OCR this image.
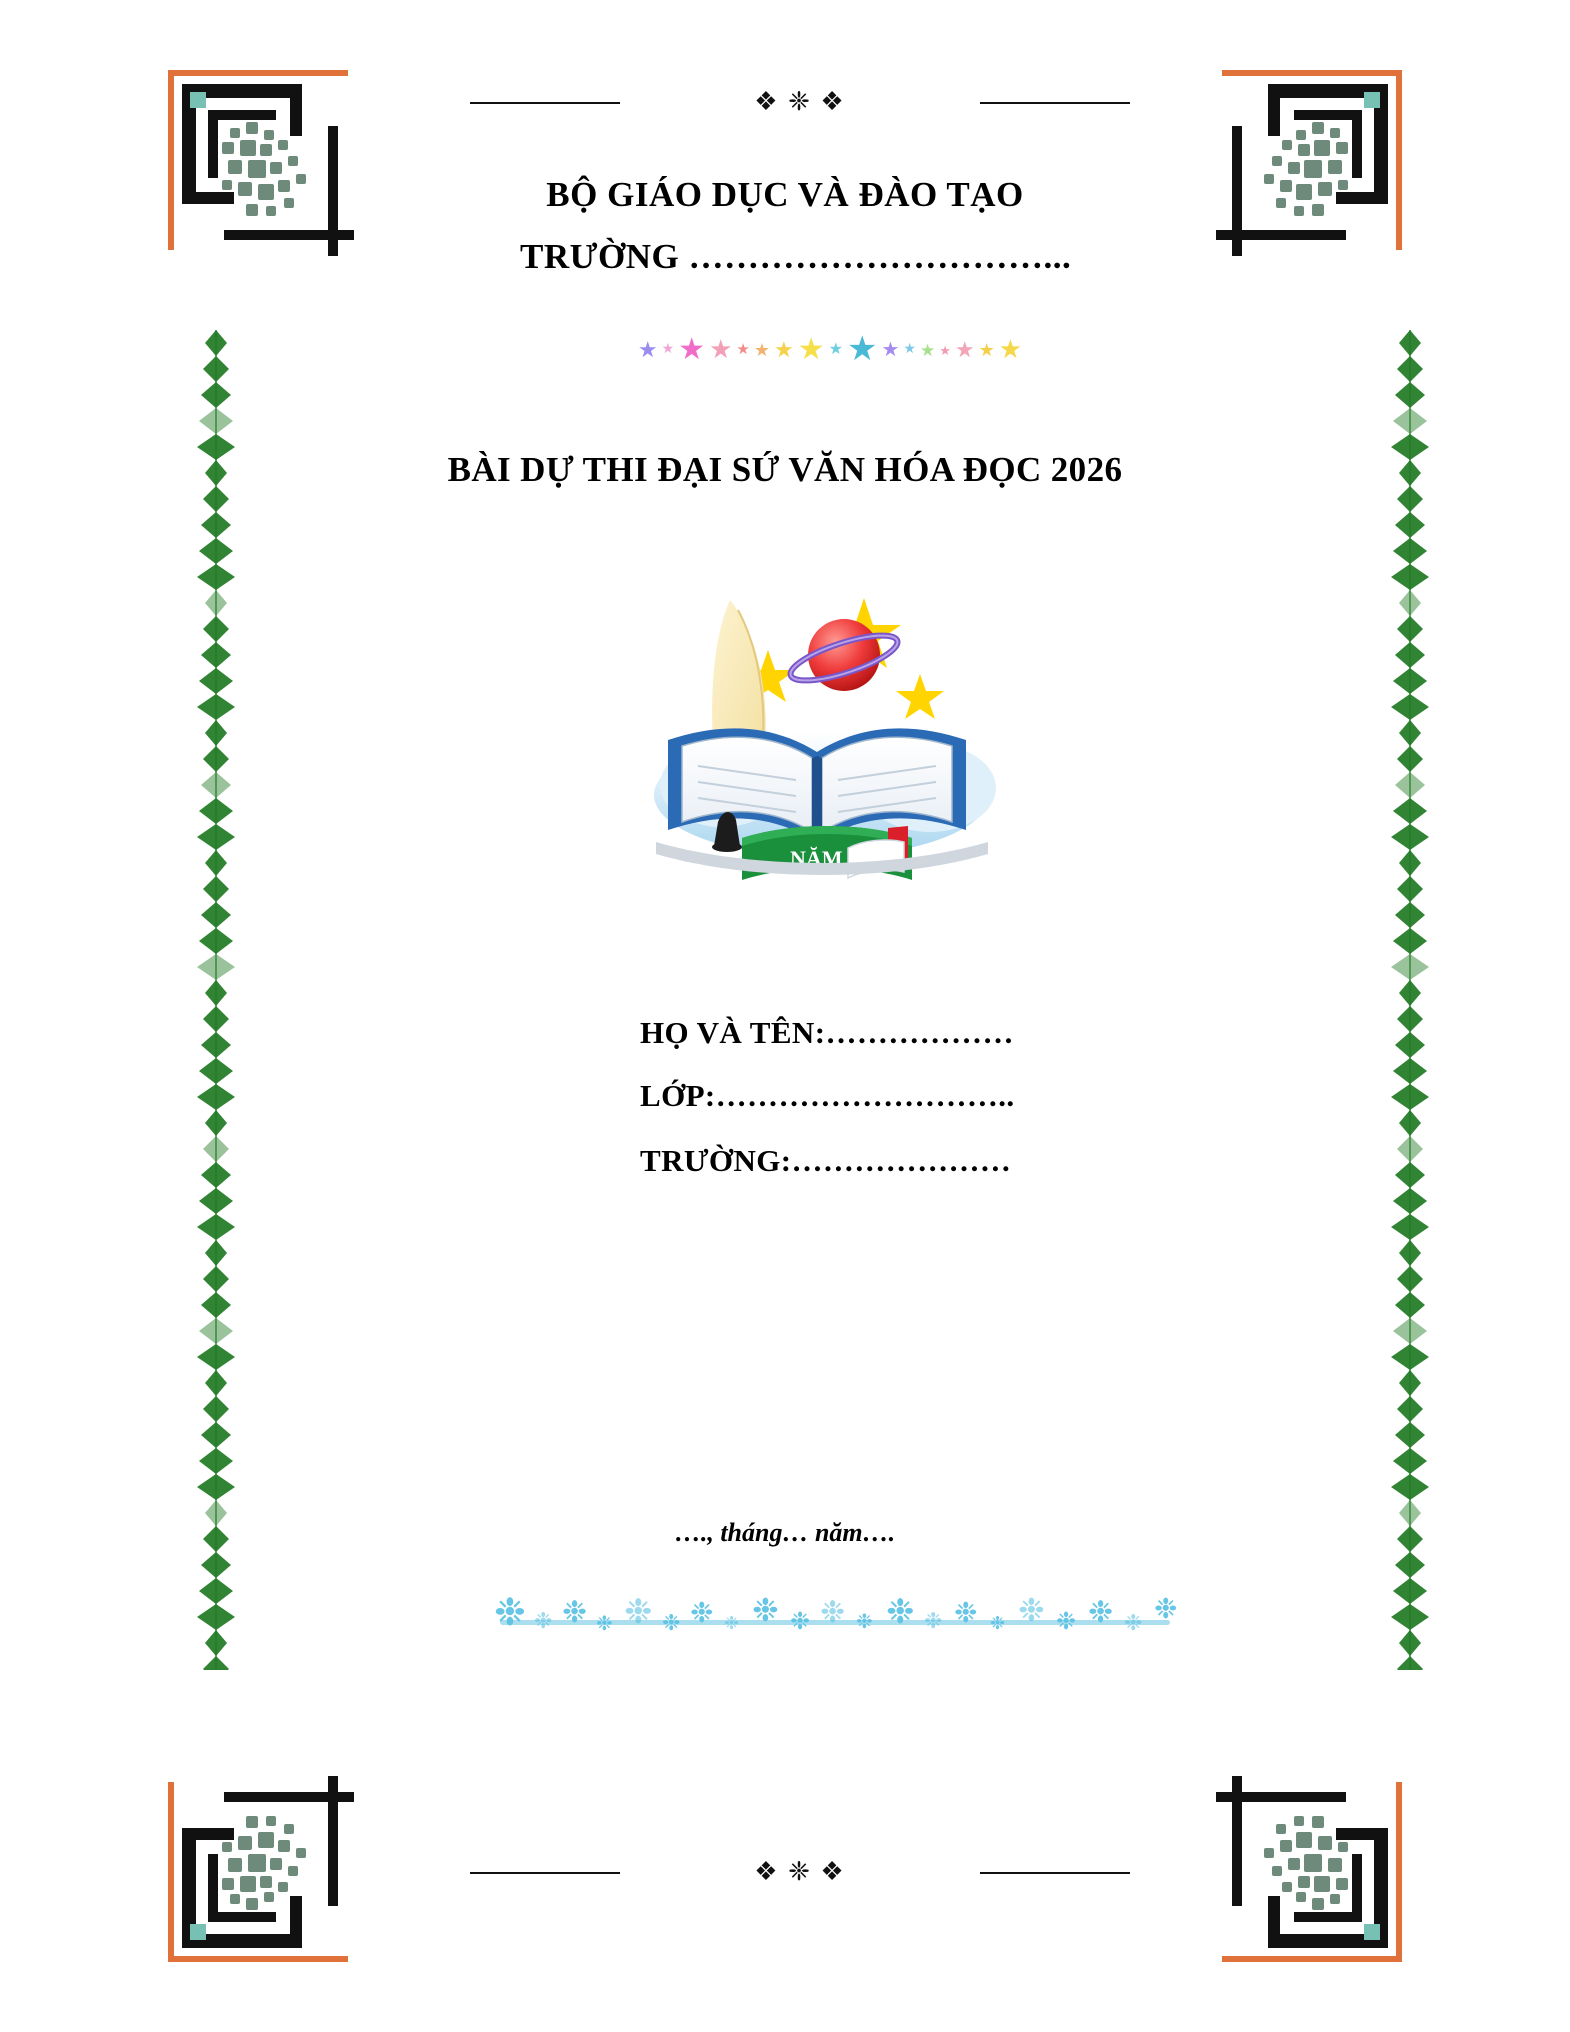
❖ ❈ ❖
BỘ GIÁO DỤC VÀ ĐÀO TẠO
TRƯỜNG …………………………...
★ ★ ★ ★ ★ ★ ★ ★ ★ ★ ★ ★ ★ ★ ★ ★ ★
BÀI DỰ THI ĐẠI SỨ VĂN HÓA ĐỌC 2026
NĂM
HỌ VÀ TÊN:………………
LỚP:………………………..
TRƯỜNG:…………………
…., tháng… năm….
❉ ❉ ❉ ❉ ❉ ❉ ❉ ❉ ❉ ❉ ❉ ❉ ❉ ❉ ❉ ❉ ❉ ❉ ❉ ❉ ❉
❖ ❈ ❖
